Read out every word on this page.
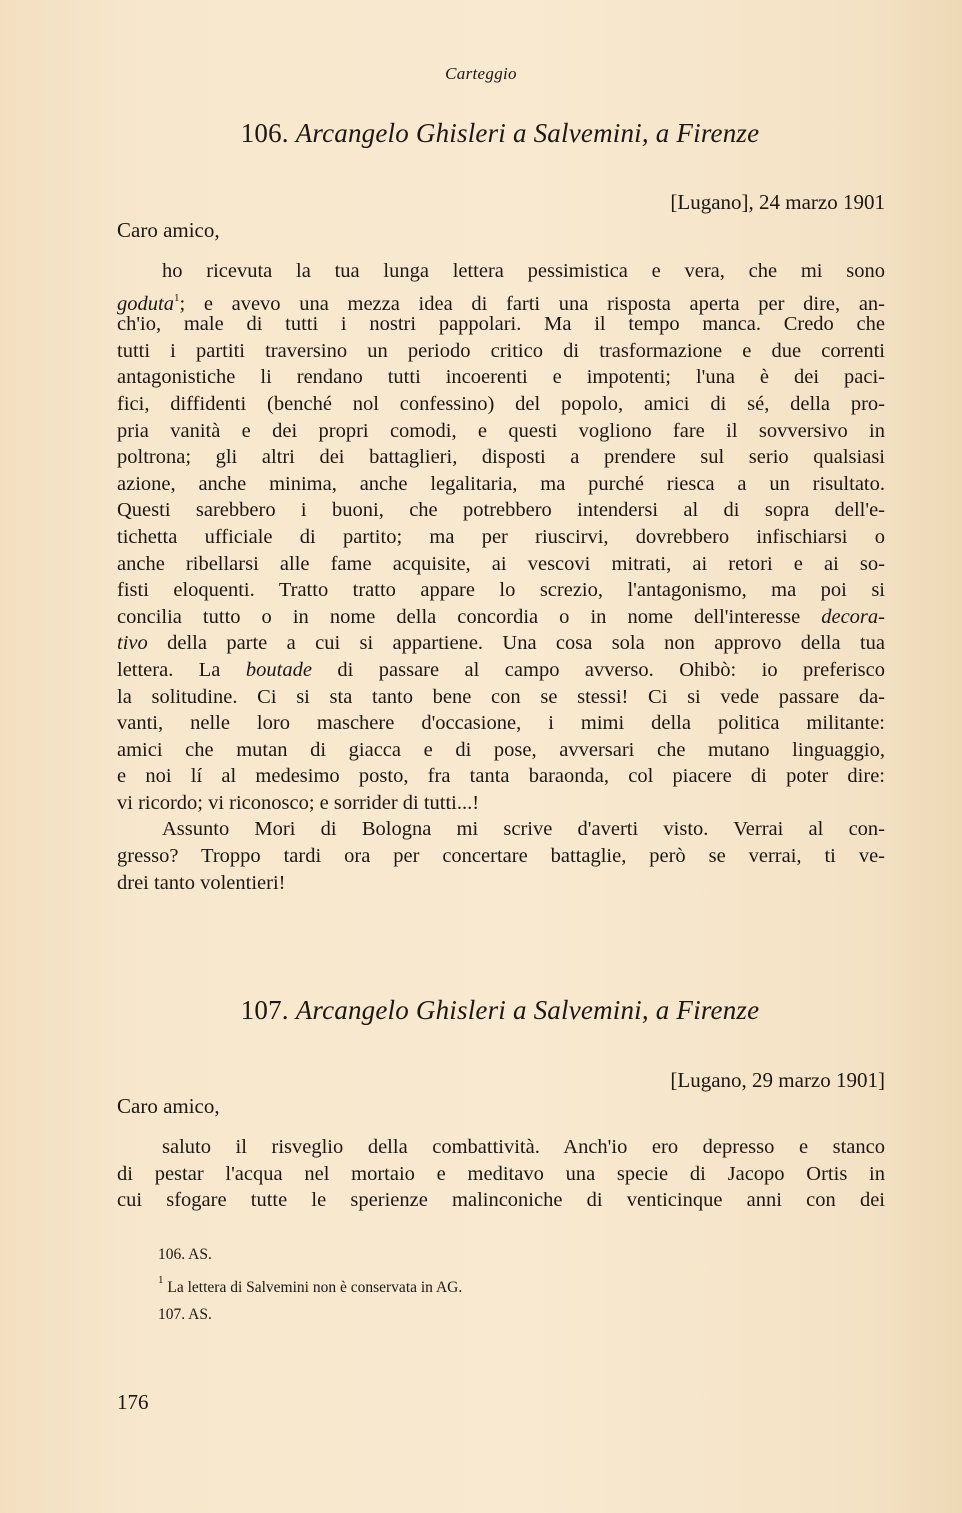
Carteggio
106. Arcangelo Ghisleri a Salvemini, a Firenze
[Lugano], 24 marzo 1901
Caro amico,
ho ricevuta la tua lunga lettera pessimistica e vera, che mi sono
goduta$^1$; e avevo una mezza idea di farti una risposta aperta per dire, an-
ch'io, male di tutti i nostri pappolari. Ma il tempo manca. Credo che
tutti i partiti traversino un periodo critico di trasformazione e due correnti
antagonistiche li rendano tutti incoerenti e impotenti; l'una è dei paci-
fici, diffidenti (benché nol confessino) del popolo, amici di sé, della pro-
pria vanità e dei propri comodi, e questi vogliono fare il sovversivo in
poltrona; gli altri dei battaglieri, disposti a prendere sul serio qualsiasi
azione, anche minima, anche legalitaria, ma purché riesca a un risultato.
Questi sarebbero i buoni, che potrebbero intendersi al di sopra dell'e-
tichetta ufficiale di partito; ma per riuscirvi, dovrebbero infischiarsi o
anche ribellarsi alle fame acquisite, ai vescovi mitrati, ai retori e ai so-
fisti eloquenti. Tratto tratto appare lo screzio, l'antagonismo, ma poi si
concilia tutto o in nome della concordia o in nome dell'interesse decora-
tivo della parte a cui si appartiene. Una cosa sola non approvo della tua
lettera. La boutade di passare al campo avverso. Ohibò: io preferisco
la solitudine. Ci si sta tanto bene con se stessi! Ci si vede passare da-
vanti, nelle loro maschere d'occasione, i mimi della politica militante:
amici che mutan di giacca e di pose, avversari che mutano linguaggio,
e noi lí al medesimo posto, fra tanta baraonda, col piacere di poter dire:
vi ricordo; vi riconosco; e sorrider di tutti...!
Assunto Mori di Bologna mi scrive d'averti visto. Verrai al con-
gresso? Troppo tardi ora per concertare battaglie, però se verrai, ti ve-
drei tanto volentieri!
107. Arcangelo Ghisleri a Salvemini, a Firenze
[Lugano, 29 marzo 1901]
Caro amico,
saluto il risveglio della combattività. Anch'io ero depresso e stanco
di pestar l'acqua nel mortaio e meditavo una specie di Jacopo Ortis in
cui sfogare tutte le sperienze malinconiche di venticinque anni con dei
106. AS.
$^1$ La lettera di Salvemini non è conservata in AG.
107. AS.
176
